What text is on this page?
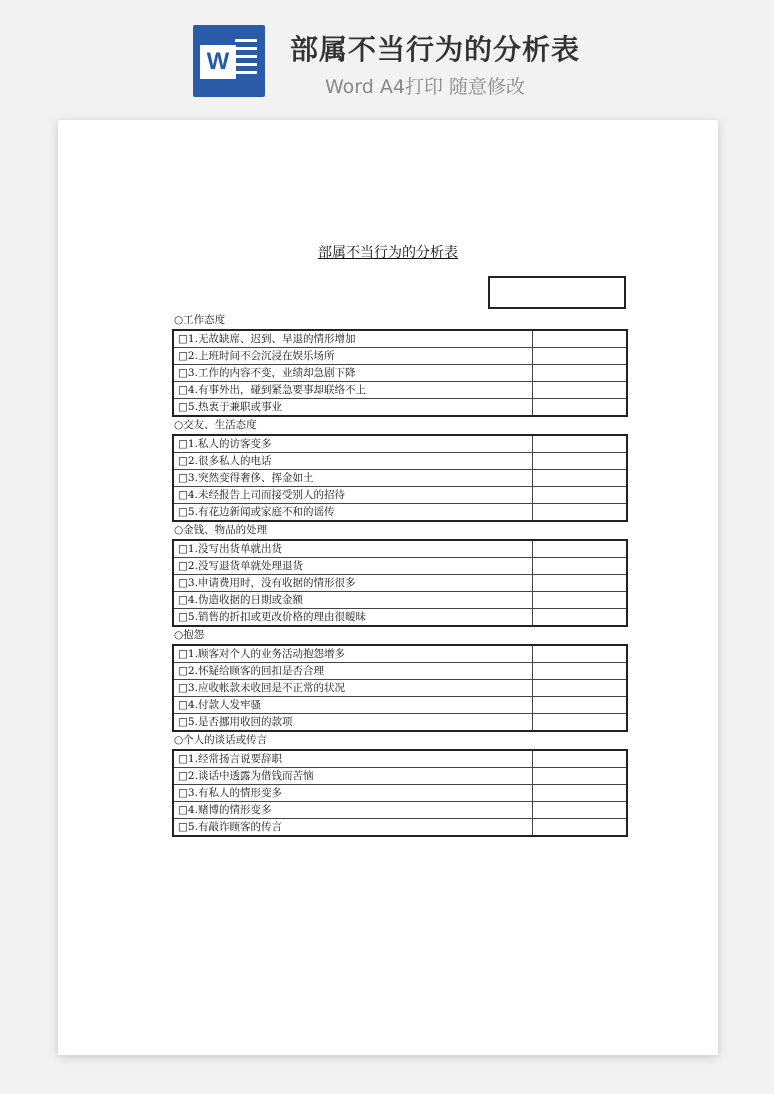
W 部属不当行为的分析表
Word A4打印 随意修改
部属不当行为的分析表
○工作态度
□1.无故缺席、迟到、早退的情形增加	
□2.上班时间不会沉浸在娱乐场所	
□3.工作的内容不变，业绩却急剧下降	
□4.有事外出，碰到紧急要事却联络不上	
□5.热衷于兼职或事业	
○交友、生活态度
□1.私人的访客变多	
□2.很多私人的电话	
□3.突然变得奢侈、挥金如土	
□4.未经报告上司而接受别人的招待	
□5.有花边新闻或家庭不和的谣传	
○金钱、物品的处理
□1.没写出货单就出货	
□2.没写退货单就处理退货	
□3.申请费用时，没有收据的情形很多	
□4.伪造收据的日期或金额	
□5.销售的折扣或更改价格的理由很暧昧	
○抱怨
□1.顾客对个人的业务活动抱怨增多	
□2.怀疑给顾客的回扣是否合理	
□3.应收帐款未收回是不正常的状况	
□4.付款人发牢骚	
□5.是否挪用收回的款项	
○个人的谈话或传言
□1.经常扬言说要辞职	
□2.谈话中透露为借钱而苦恼	
□3.有私人的情形变多	
□4.赌博的情形变多	
□5.有敲诈顾客的传言	
